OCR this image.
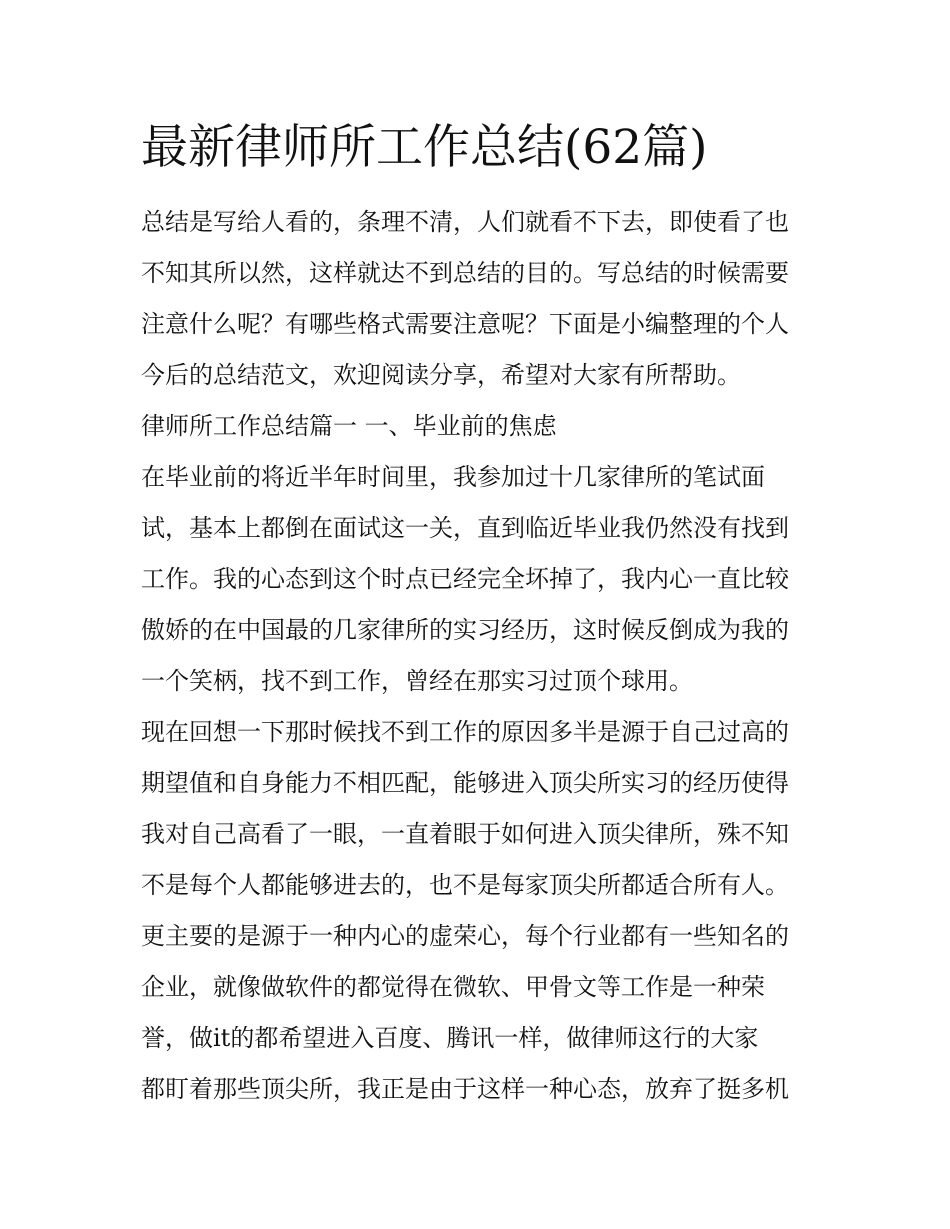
最新律师所工作总结(62篇)
总结是写给人看的，条理不清，人们就看不下去，即使看了也
不知其所以然，这样就达不到总结的目的。写总结的时候需要
注意什么呢？有哪些格式需要注意呢？下面是小编整理的个人
今后的总结范文，欢迎阅读分享，希望对大家有所帮助。
律师所工作总结篇一 一、毕业前的焦虑
在毕业前的将近半年时间里，我参加过十几家律所的笔试面
试，基本上都倒在面试这一关，直到临近毕业我仍然没有找到
工作。我的心态到这个时点已经完全坏掉了，我内心一直比较
傲娇的在中国最的几家律所的实习经历，这时候反倒成为我的
一个笑柄，找不到工作，曾经在那实习过顶个球用。
现在回想一下那时候找不到工作的原因多半是源于自己过高的
期望值和自身能力不相匹配，能够进入顶尖所实习的经历使得
我对自己高看了一眼，一直着眼于如何进入顶尖律所，殊不知
不是每个人都能够进去的，也不是每家顶尖所都适合所有人。
更主要的是源于一种内心的虚荣心，每个行业都有一些知名的
企业，就像做软件的都觉得在微软、甲骨文等工作是一种荣
誉，做it的都希望进入百度、腾讯一样，做律师这行的大家
都盯着那些顶尖所，我正是由于这样一种心态，放弃了挺多机
